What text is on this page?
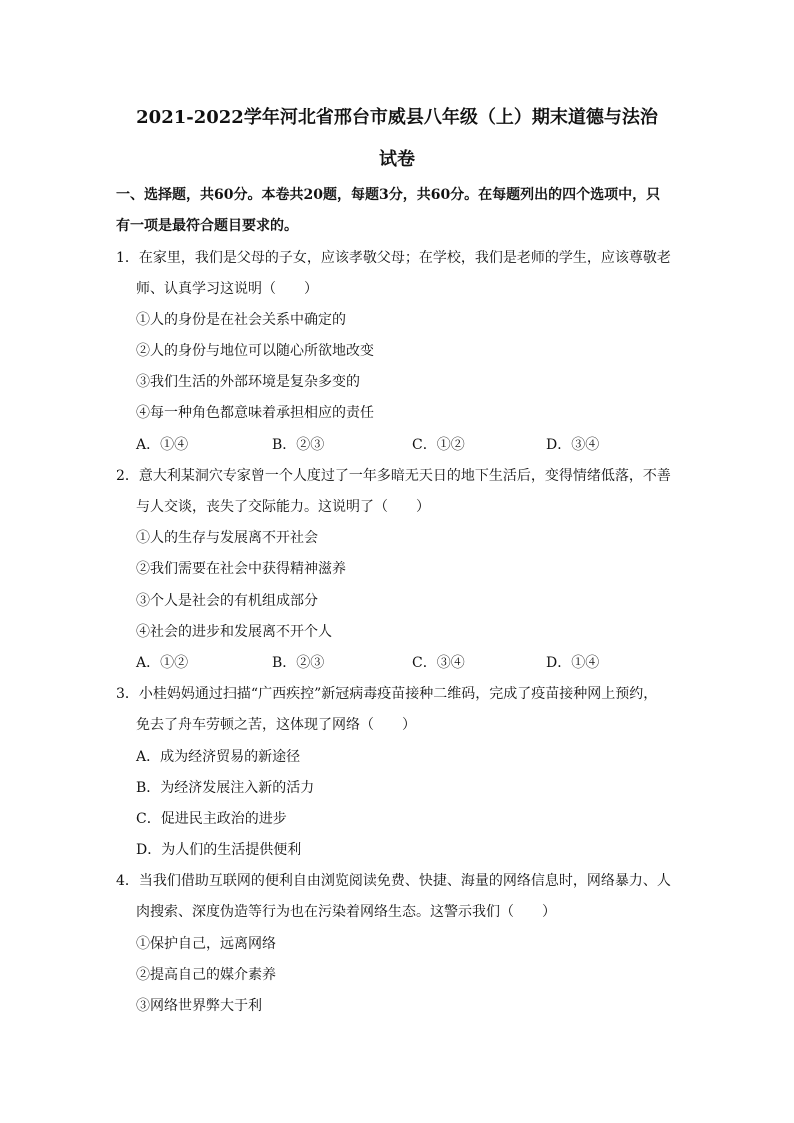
2021-2022学年河北省邢台市威县八年级（上）期末道德与法治
试卷
一、选择题，共60分。本卷共20题，每题3分，共60分。在每题列出的四个选项中，只
有一项是最符合题目要求的。
1．在家里，我们是父母的子女，应该孝敬父母；在学校，我们是老师的学生，应该尊敬老
师、认真学习这说明（　　）
①人的身份是在社会关系中确定的
②人的身份与地位可以随心所欲地改变
③我们生活的外部环境是复杂多变的
④每一种角色都意味着承担相应的责任
A．①④	B．②③	C．①②	D．③④
2．意大利某洞穴专家曾一个人度过了一年多暗无天日的地下生活后，变得情绪低落，不善
与人交谈，丧失了交际能力。这说明了（　　）
①人的生存与发展离不开社会
②我们需要在社会中获得精神滋养
③个人是社会的有机组成部分
④社会的进步和发展离不开个人
A．①②	B．②③	C．③④	D．①④
3．小桂妈妈通过扫描“广西疾控”新冠病毒疫苗接种二维码，完成了疫苗接种网上预约，
免去了舟车劳顿之苦，这体现了网络（　　）
A．成为经济贸易的新途径
B．为经济发展注入新的活力
C．促进民主政治的进步
D．为人们的生活提供便利
4．当我们借助互联网的便利自由浏览阅读免费、快捷、海量的网络信息时，网络暴力、人
肉搜索、深度伪造等行为也在污染着网络生态。这警示我们（　　）
①保护自己，远离网络
②提高自己的媒介素养
③网络世界弊大于利
